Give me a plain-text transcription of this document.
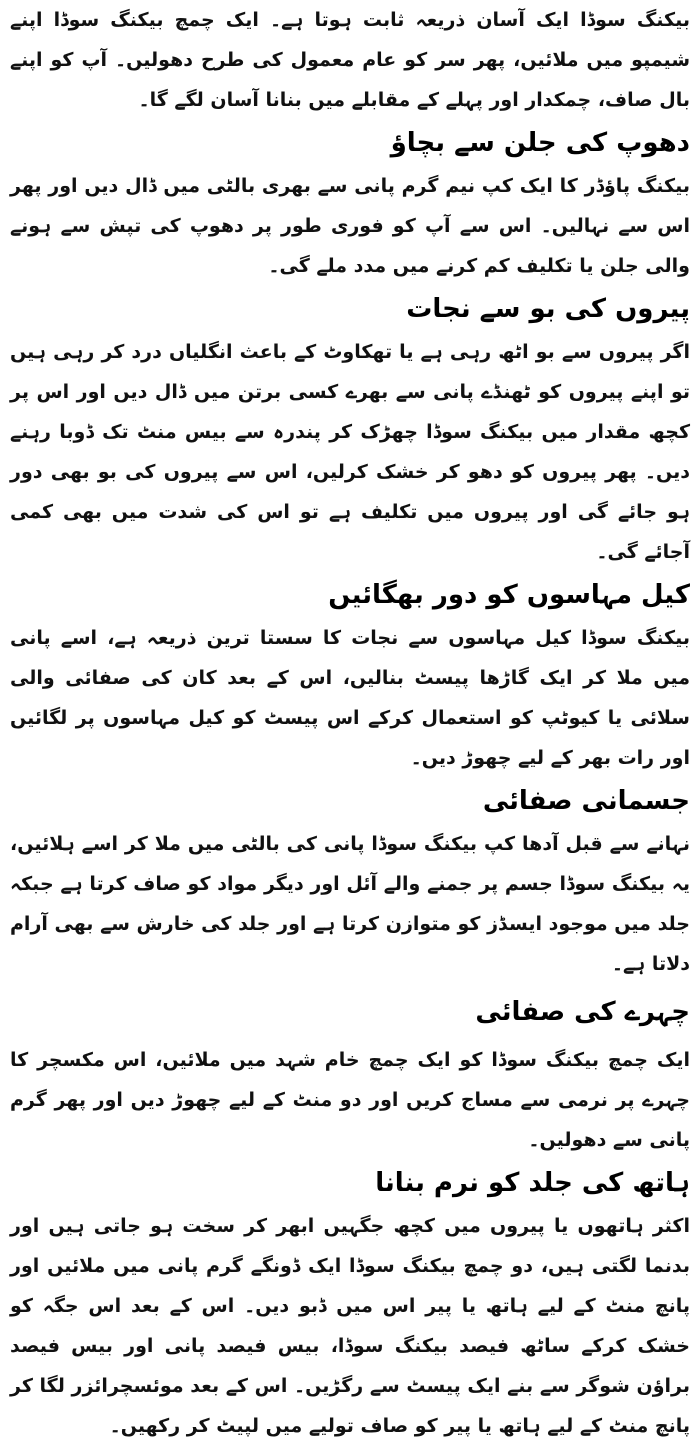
بیکنگ سوڈا ایک آسان ذریعہ ثابت ہوتا ہے۔ ایک چمچ بیکنگ سوڈا اپنے شیمپو میں ملائیں، پھر سر کو عام معمول کی طرح دھولیں۔ آپ کو اپنے بال صاف، چمکدار اور پہلے کے مقابلے میں بنانا آسان لگے گا۔

دھوپ کی جلن سے بچاؤ

بیکنگ پاؤڈر کا ایک کپ نیم گرم پانی سے بھری بالٹی میں ڈال دیں اور پھر اس سے نہالیں۔ اس سے آپ کو فوری طور پر دھوپ کی تپش سے ہونے والی جلن یا تکلیف کم کرنے میں مدد ملے گی۔

پیروں کی بو سے نجات

اگر پیروں سے بو اٹھ رہی ہے یا تھکاوٹ کے باعث انگلیاں درد کر رہی ہیں تو اپنے پیروں کو ٹھنڈے پانی سے بھرے کسی برتن میں ڈال دیں اور اس پر کچھ مقدار میں بیکنگ سوڈا چھڑک کر پندرہ سے بیس منٹ تک ڈوبا رہنے دیں۔ پھر پیروں کو دھو کر خشک کرلیں، اس سے پیروں کی بو بھی دور ہو جائے گی اور پیروں میں تکلیف ہے تو اس کی شدت میں بھی کمی آجائے گی۔

کیل مہاسوں کو دور بھگائیں

بیکنگ سوڈا کیل مہاسوں سے نجات کا سستا ترین ذریعہ ہے، اسے پانی میں ملا کر ایک گاڑھا پیسٹ بنالیں، اس کے بعد کان کی صفائی والی سلائی یا کیوٹپ کو استعمال کرکے اس پیسٹ کو کیل مہاسوں پر لگائیں اور رات بھر کے لیے چھوڑ دیں۔

جسمانی صفائی

نہانے سے قبل آدھا کپ بیکنگ سوڈا پانی کی بالٹی میں ملا کر اسے ہلائیں، یہ بیکنگ سوڈا جسم پر جمنے والے آئل اور دیگر مواد کو صاف کرتا ہے جبکہ جلد میں موجود ایسڈز کو متوازن کرتا ہے اور جلد کی خارش سے بھی آرام دلاتا ہے۔

چہرے کی صفائی

ایک چمچ بیکنگ سوڈا کو ایک چمچ خام شہد میں ملائیں، اس مکسچر کا چہرے پر نرمی سے مساج کریں اور دو منٹ کے لیے چھوڑ دیں اور پھر گرم پانی سے دھولیں۔

ہاتھ کی جلد کو نرم بنانا

اکثر ہاتھوں یا پیروں میں کچھ جگہیں ابھر کر سخت ہو جاتی ہیں اور بدنما لگتی ہیں، دو چمچ بیکنگ سوڈا ایک ڈونگے گرم پانی میں ملائیں اور پانچ منٹ کے لیے ہاتھ یا پیر اس میں ڈبو دیں۔ اس کے بعد اس جگہ کو خشک کرکے ساٹھ فیصد بیکنگ سوڈا، بیس فیصد پانی اور بیس فیصد براؤن شوگر سے بنے ایک پیسٹ سے رگڑیں۔ اس کے بعد موئسچرائزر لگا کر پانچ منٹ کے لیے ہاتھ یا پیر کو صاف تولیے میں لپیٹ کر رکھیں۔
